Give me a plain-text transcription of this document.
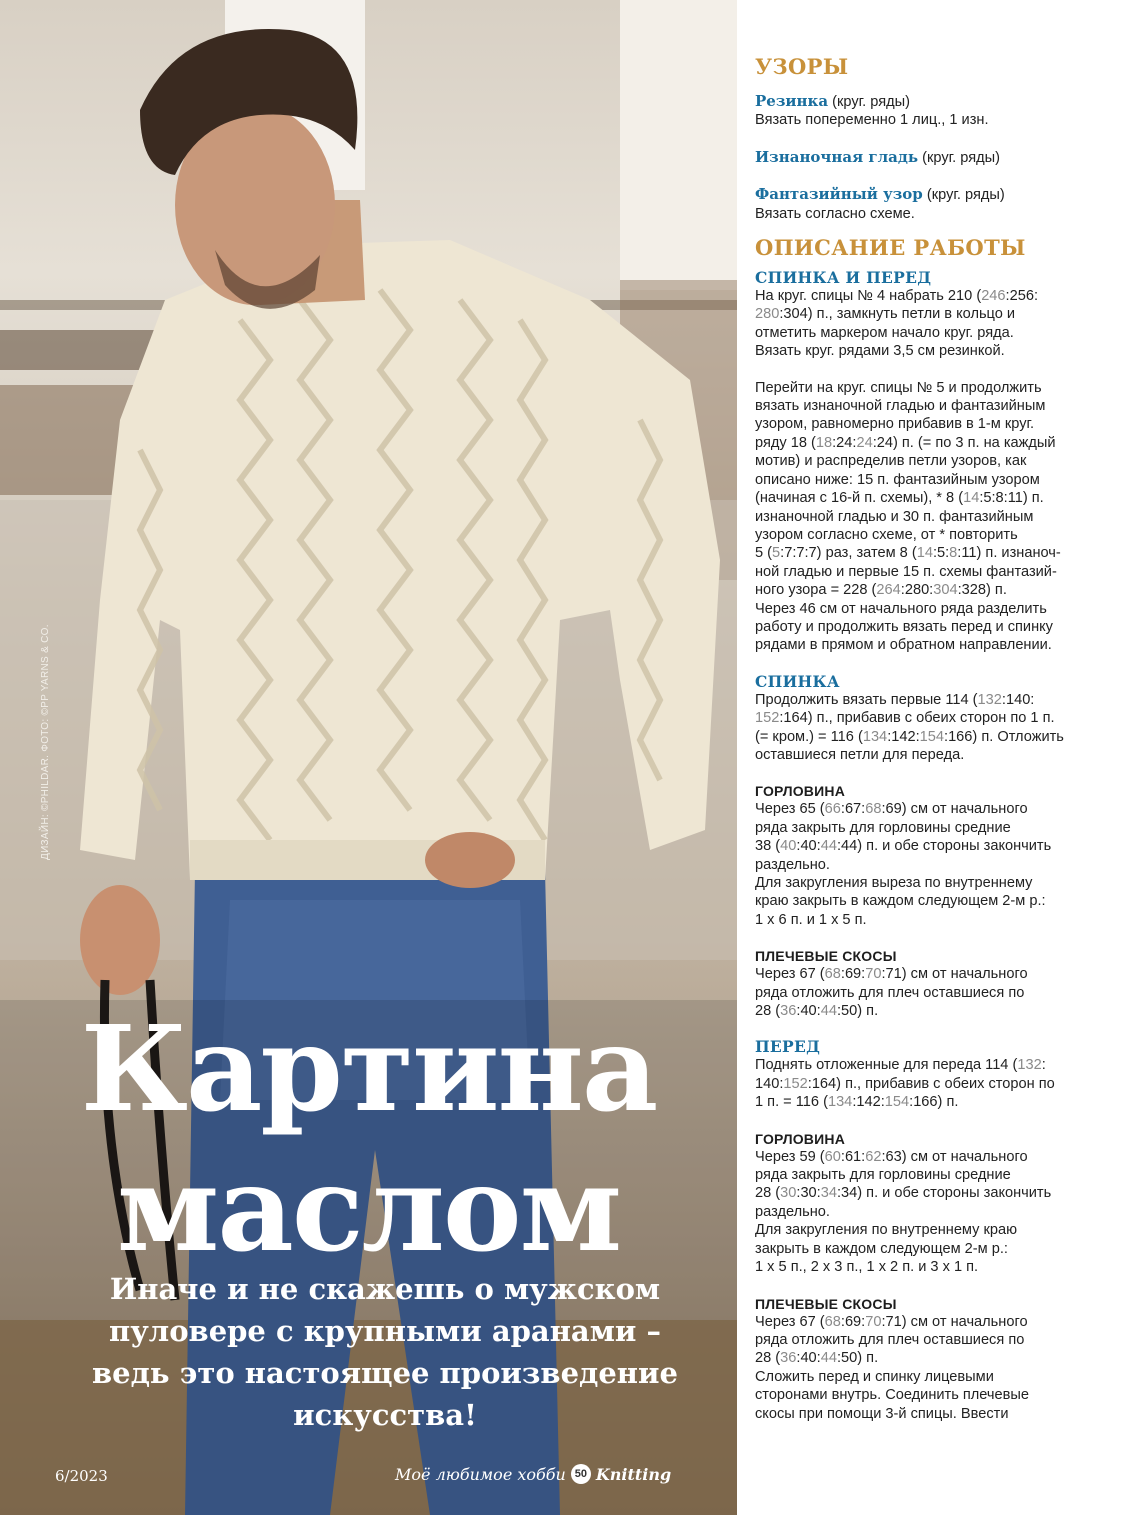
ДИЗАЙН: ©PHILDAR. ФОТО: ©PP YARNS & CO.
Картина
маслом
Иначе и не скажешь о мужском
пуловере с крупными аранами –
ведь это настоящее произведение
искусства!
6/2023	Моё любимое хобби 50 Knitting
УЗОРЫ

Резинка (круг. ряды)

Вязать попеременно 1 лиц., 1 изн.

Изнаночная гладь (круг. ряды)

Фантазийный узор (круг. ряды)

Вязать согласно схеме.

ОПИСАНИЕ РАБОТЫ
СПИНКА И ПЕРЕД

На круг. спицы № 4 набрать 210 (246:256:

280:304) п., замкнуть петли в кольцо и

отметить маркером начало круг. ряда.

Вязать круг. рядами 3,5 см резинкой.

Перейти на круг. спицы № 5 и продолжить

вязать изнаночной гладью и фантазийным

узором, равномерно прибавив в 1-м круг.

ряду 18 (18:24:24:24) п. (= по 3 п. на каждый

мотив) и распределив петли узоров, как

описано ниже: 15 п. фантазийным узором

(начиная с 16-й п. схемы), * 8 (14:5:8:11) п.

изнаночной гладью и 30 п. фантазийным

узором согласно схеме, от * повторить

5 (5:7:7:7) раз, затем 8 (14:5:8:11) п. изнаноч-

ной гладью и первые 15 п. схемы фантазий-

ного узора = 228 (264:280:304:328) п.

Через 46 см от начального ряда разделить

работу и продолжить вязать перед и спинку

рядами в прямом и обратном направлении.

СПИНКА

Продолжить вязать первые 114 (132:140:

152:164) п., прибавив с обеих сторон по 1 п.

(= кром.) = 116 (134:142:154:166) п. Отложить

оставшиеся петли для переда.

ГОРЛОВИНА

Через 65 (66:67:68:69) см от начального

ряда закрыть для горловины средние

38 (40:40:44:44) п. и обе стороны закончить

раздельно.

Для закругления выреза по внутреннему

краю закрыть в каждом следующем 2-м р.:

1 х 6 п. и 1 х 5 п.

ПЛЕЧЕВЫЕ СКОСЫ

Через 67 (68:69:70:71) см от начального

ряда отложить для плеч оставшиеся по

28 (36:40:44:50) п.

ПЕРЕД

Поднять отложенные для переда 114 (132:

140:152:164) п., прибавив с обеих сторон по

1 п. = 116 (134:142:154:166) п.

ГОРЛОВИНА

Через 59 (60:61:62:63) см от начального

ряда закрыть для горловины средние

28 (30:30:34:34) п. и обе стороны закончить

раздельно.

Для закругления по внутреннему краю

закрыть в каждом следующем 2-м р.:

1 х 5 п., 2 х 3 п., 1 х 2 п. и 3 х 1 п.

ПЛЕЧЕВЫЕ СКОСЫ

Через 67 (68:69:70:71) см от начального

ряда отложить для плеч оставшиеся по

28 (36:40:44:50) п.

Сложить перед и спинку лицевыми

сторонами внутрь. Соединить плечевые

скосы при помощи 3-й спицы. Ввести
